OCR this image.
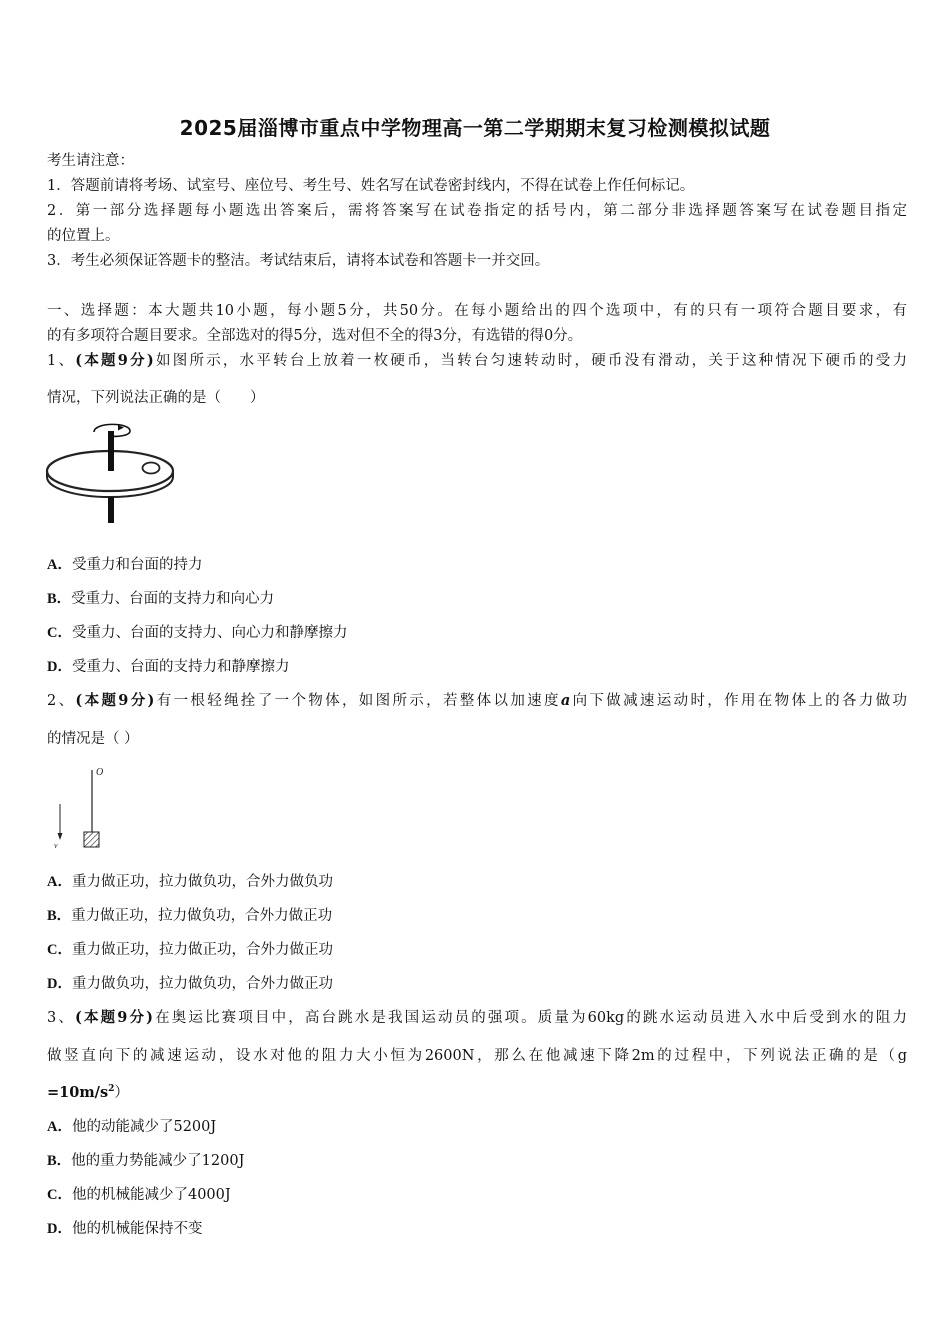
2025届淄博市重点中学物理高一第二学期期末复习检测模拟试题
考生请注意：
1．答题前请将考场、试室号、座位号、考生号、姓名写在试卷密封线内，不得在试卷上作任何标记。
2．第一部分选择题每小题选出答案后，需将答案写在试卷指定的括号内，第二部分非选择题答案写在试卷题目指定
的位置上。
3．考生必须保证答题卡的整洁。考试结束后，请将本试卷和答题卡一并交回。
一、选择题：本大题共10小题，每小题5分，共50分。在每小题给出的四个选项中，有的只有一项符合题目要求，有
的有多项符合题目要求。全部选对的得5分，选对但不全的得3分，有选错的得0分。
1、(本题9分)如图所示，水平转台上放着一枚硬币，当转台匀速转动时，硬币没有滑动，关于这种情况下硬币的受力
情况，下列说法正确的是（　　）
A．受重力和台面的持力
B．受重力、台面的支持力和向心力
C．受重力、台面的支持力、向心力和静摩擦力
D．受重力、台面的支持力和静摩擦力
2、(本题9分)有一根轻绳拴了一个物体，如图所示，若整体以加速度a向下做减速运动时，作用在物体上的各力做功
的情况是（ ）
O
v
A．重力做正功，拉力做负功，合外力做负功
B．重力做正功，拉力做负功，合外力做正功
C．重力做正功，拉力做正功，合外力做正功
D．重力做负功，拉力做负功，合外力做正功
3、(本题9分)在奥运比赛项目中，高台跳水是我国运动员的强项。质量为60kg的跳水运动员进入水中后受到水的阻力
做竖直向下的减速运动，设水对他的阻力大小恒为2600N，那么在他减速下降2m的过程中，下列说法正确的是（g
$=10m/s^2$）
A．他的动能减少了5200J
B．他的重力势能减少了1200J
C．他的机械能减少了4000J
D．他的机械能保持不变
